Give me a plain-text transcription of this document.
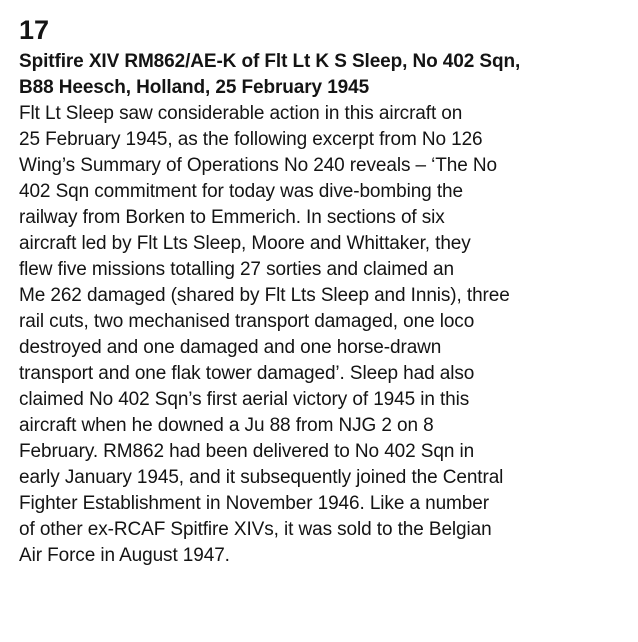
17
Spitfire XIV RM862/AE-K of Flt Lt K S Sleep, No 402 Sqn,
B88 Heesch, Holland, 25 February 1945
Flt Lt Sleep saw considerable action in this aircraft on
25 February 1945, as the following excerpt from No 126
Wing’s Summary of Operations No 240 reveals – ‘The No
402 Sqn commitment for today was dive-bombing the
railway from Borken to Emmerich. In sections of six
aircraft led by Flt Lts Sleep, Moore and Whittaker, they
flew five missions totalling 27 sorties and claimed an
Me 262 damaged (shared by Flt Lts Sleep and Innis), three
rail cuts, two mechanised transport damaged, one loco
destroyed and one damaged and one horse-drawn
transport and one flak tower damaged’. Sleep had also
claimed No 402 Sqn’s first aerial victory of 1945 in this
aircraft when he downed a Ju 88 from NJG 2 on 8
February. RM862 had been delivered to No 402 Sqn in
early January 1945, and it subsequently joined the Central
Fighter Establishment in November 1946. Like a number
of other ex-RCAF Spitfire XIVs, it was sold to the Belgian
Air Force in August 1947.
